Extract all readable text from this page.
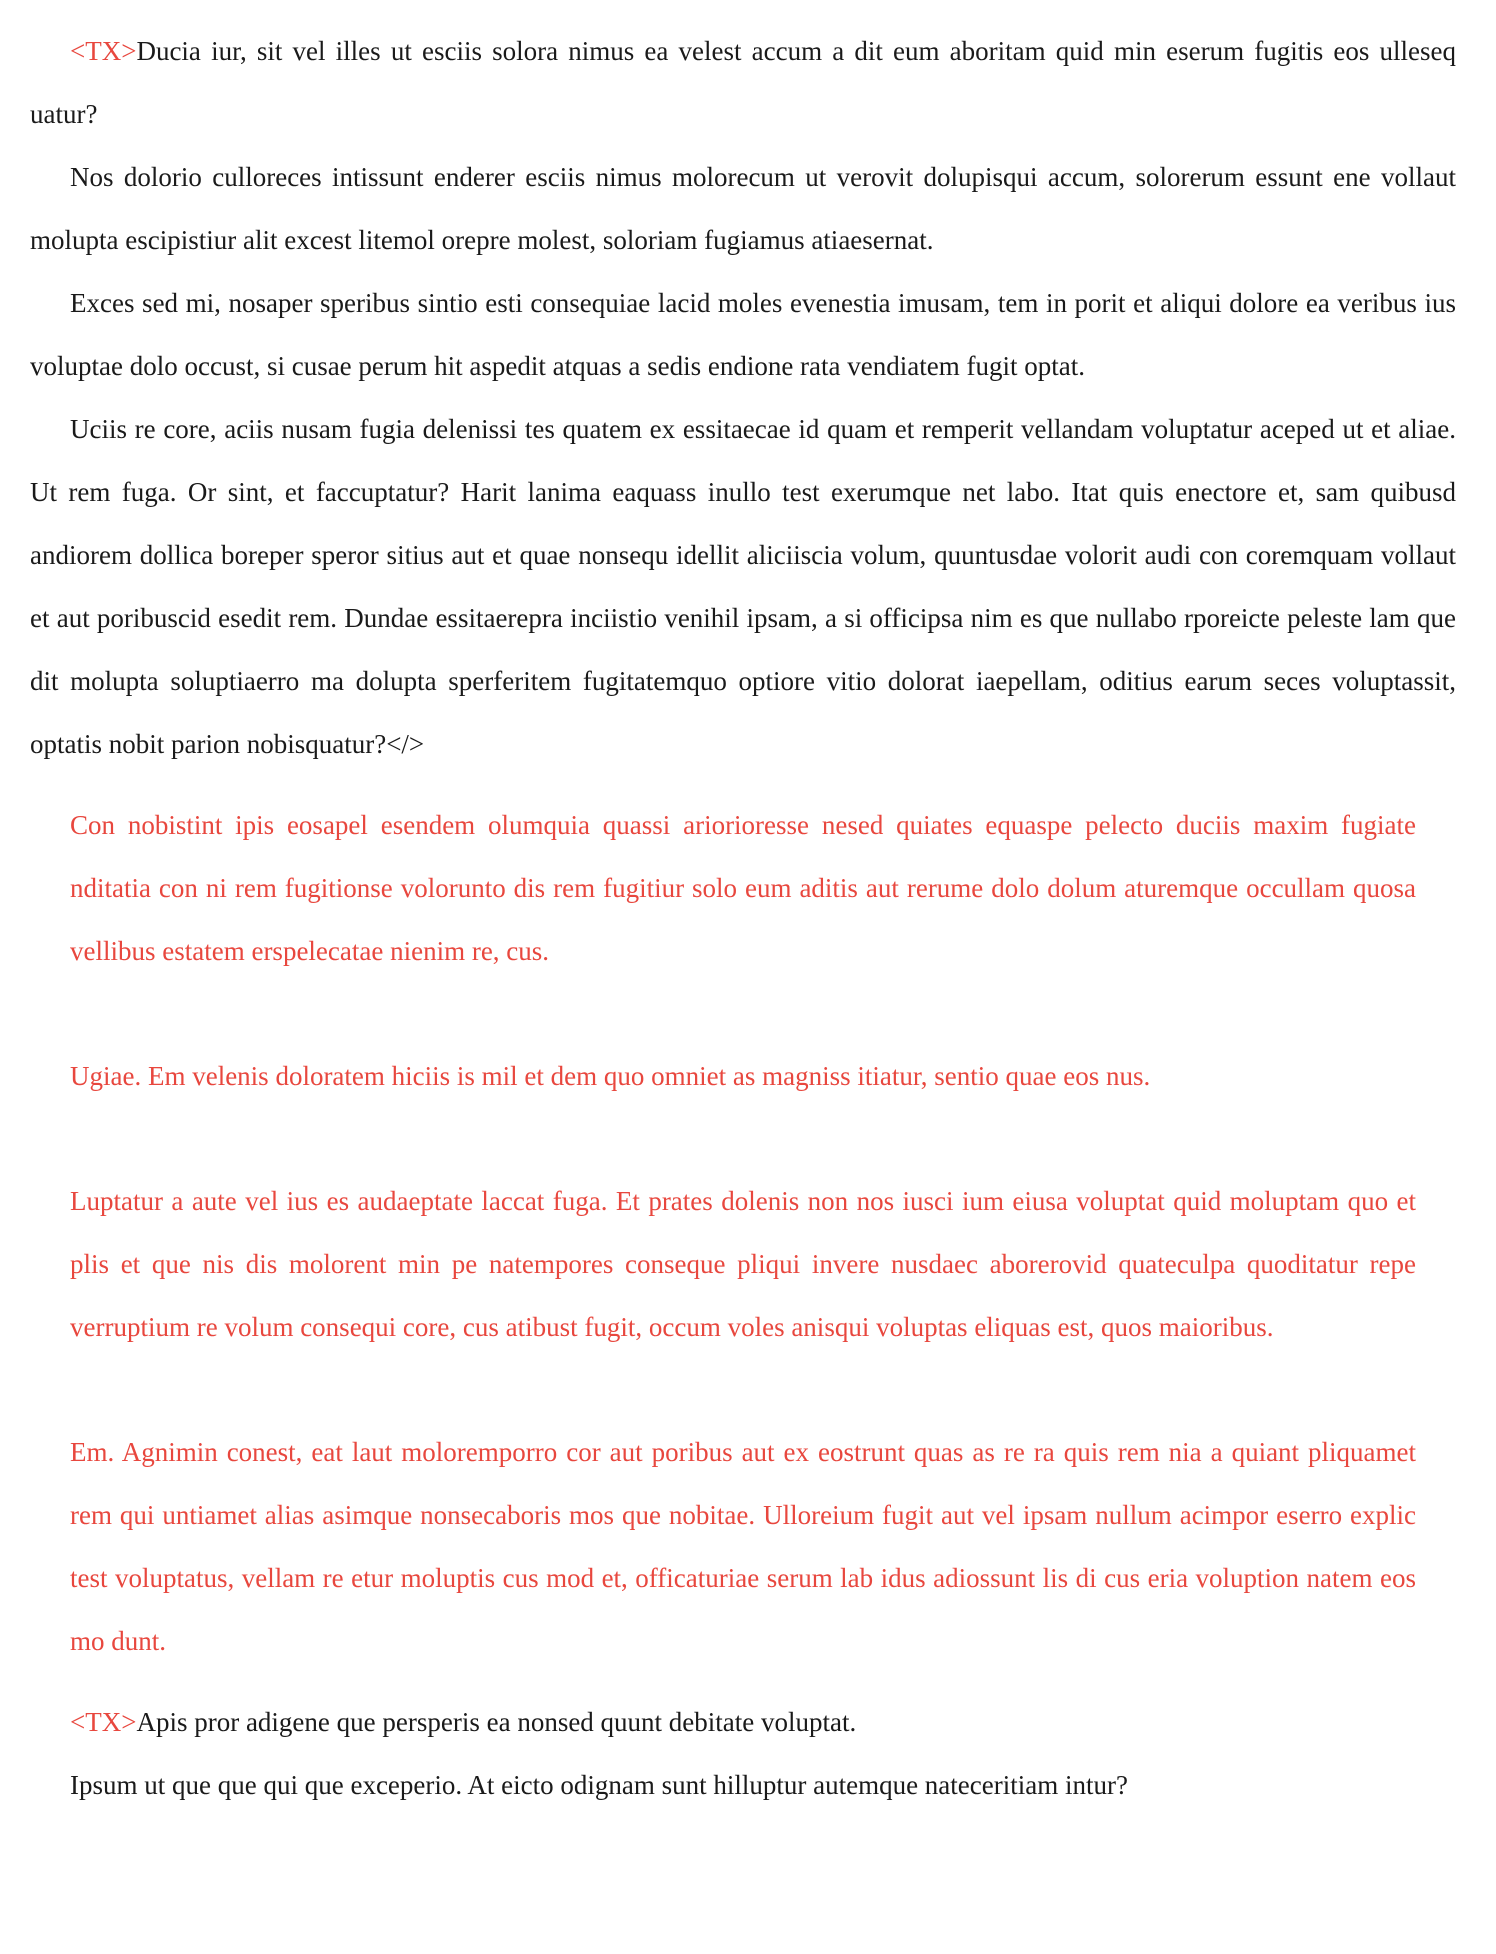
<TX>Ducia iur, sit vel illes ut esciis solora nimus ea velest accum a dit eum aboritam quid min eserum fugitis eos ulleseq uatur?

Nos dolorio culloreces intissunt enderer esciis nimus molorecum ut verovit dolupisqui accum, solorerum essunt ene vollaut molupta escipistiur alit excest litemol orepre molest, soloriam fugiamus atiaesernat.

Exces sed mi, nosaper speribus sintio esti consequiae lacid moles evenestia imusam, tem in porit et aliqui dolore ea veribus ius voluptae dolo occust, si cusae perum hit aspedit atquas a sedis endione rata vendiatem fugit optat.

Uciis re core, aciis nusam fugia delenissi tes quatem ex essitaecae id quam et remperit vellandam voluptatur aceped ut et aliae. Ut rem fuga. Or sint, et faccuptatur? Harit lanima eaquass inullo test exerumque net labo. Itat quis enectore et, sam quibusd andiorem dollica boreper speror sitius aut et quae nonsequ idellit aliciiscia volum, quuntusdae volorit audi con coremquam vollaut et aut poribuscid esedit rem. Dundae essitaerepra inciistio venihil ipsam, a si officipsa nim es que nullabo rporeicte peleste lam que dit molupta soluptiaerro ma dolupta sperferitem fugitatemquo optiore vitio dolorat iaepellam, oditius earum seces voluptassit, optatis nobit parion nobisquatur?</>

Con nobistint ipis eosapel esendem olumquia quassi ariorioresse nesed quiates equaspe pelecto duciis maxim fugiate nditatia con ni rem fugitionse volorunto dis rem fugitiur solo eum aditis aut rerume dolo dolum aturemque occullam quosa vellibus estatem erspelecatae nienim re, cus.

Ugiae. Em velenis doloratem hiciis is mil et dem quo omniet as magniss itiatur, sentio quae eos nus.

Luptatur a aute vel ius es audaeptate laccat fuga. Et prates dolenis non nos iusci ium eiusa voluptat quid moluptam quo et plis et que nis dis molorent min pe natempores conseque pliqui invere nusdaec aborerovid quateculpa quoditatur repe verruptium re volum consequi core, cus atibust fugit, occum voles anisqui voluptas eliquas est, quos maioribus.

Em. Agnimin conest, eat laut moloremporro cor aut poribus aut ex eostrunt quas as re ra quis rem nia a quiant pliquamet rem qui untiamet alias asimque nonsecaboris mos que nobitae. Ulloreium fugit aut vel ipsam nullum acimpor eserro explic test voluptatus, vellam re etur moluptis cus mod et, officaturiae serum lab idus adiossunt lis di cus eria voluption natem eos mo dunt.

<TX>Apis pror adigene que persperis ea nonsed quunt debitate voluptat.

Ipsum ut que que qui que exceperio. At eicto odignam sunt hilluptur autemque nateceritiam intur?
